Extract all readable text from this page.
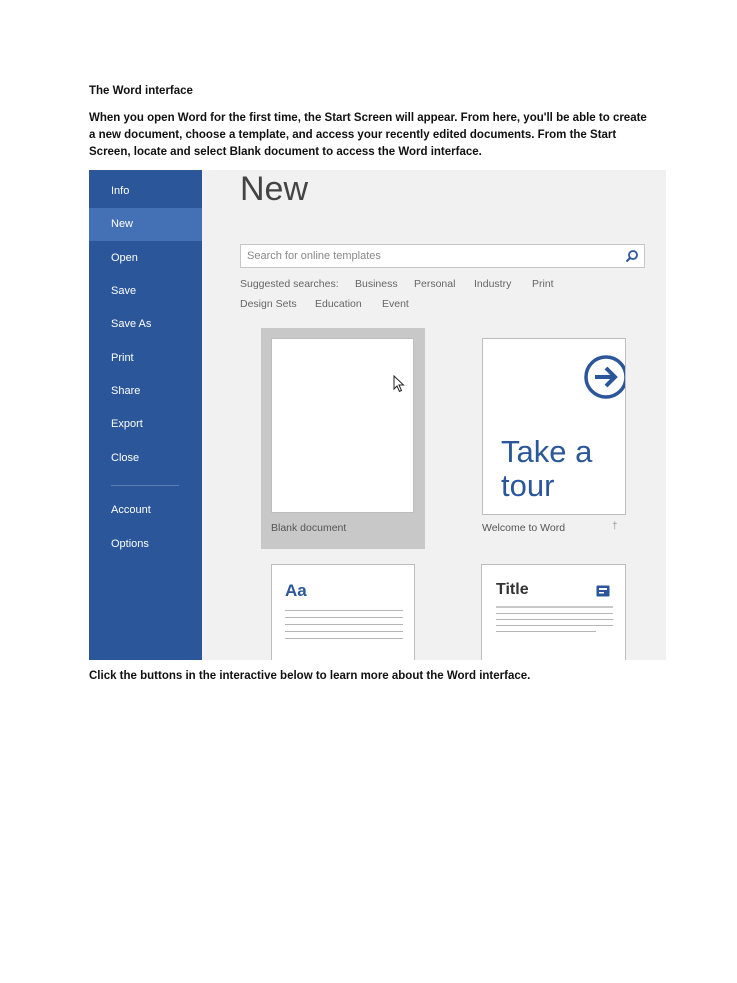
The Word interface
When you open Word for the first time, the Start Screen will appear. From here, you'll be able to create a new document, choose a template, and access your recently edited documents. From the Start Screen, locate and select Blank document to access the Word interface.
Info
New
Open
Save
Save As
Print
Share
Export
Close
Account
Options
New
Search for online templates
Suggested searches: Business Personal Industry Print
Design Sets Education Event
Blank document
Take a
tour
Welcome to Word	†
Aa	Title
Click the buttons in the interactive below to learn more about the Word interface.
